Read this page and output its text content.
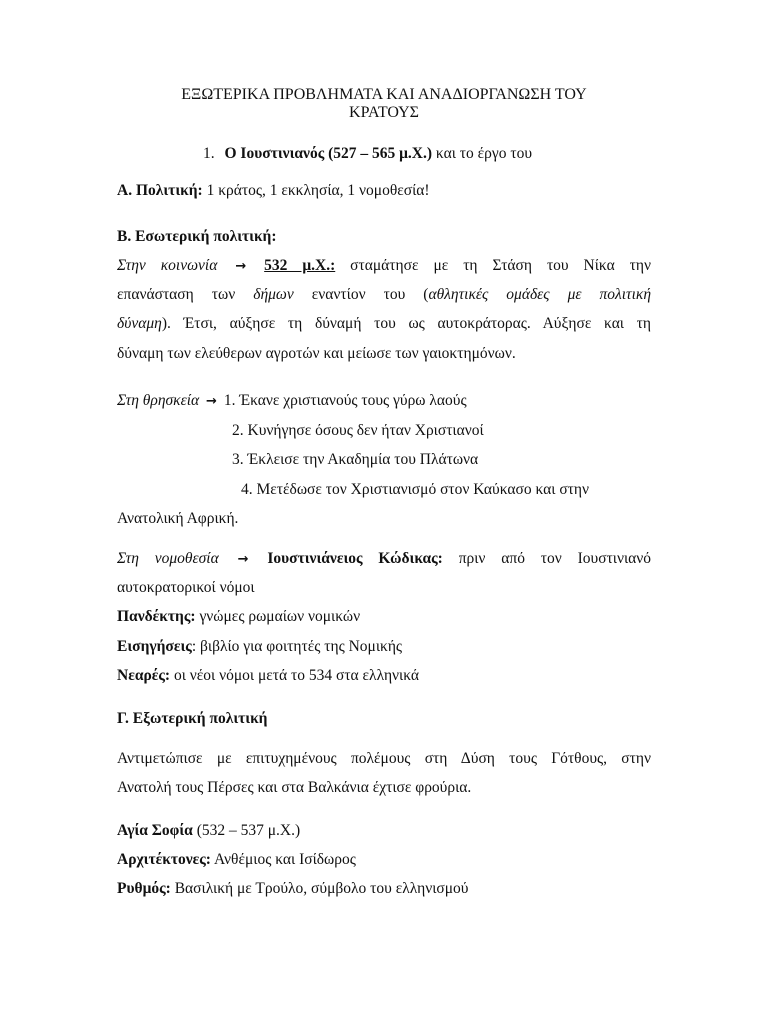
ΕΞΩΤΕΡΙΚΑ ΠΡΟΒΛΗΜΑΤΑ ΚΑΙ ΑΝΑΔΙΟΡΓΑΝΩΣΗ ΤΟΥ
ΚΡΑΤΟΥΣ
1. Ο Ιουστινιανός (527 – 565 μ.Χ.) και το έργο του
Α. Πολιτική: 1 κράτος, 1 εκκλησία, 1 νομοθεσία!
Β. Εσωτερική πολιτική:
Στην κοινωνία → 532 μ.Χ.: σταμάτησε με τη Στάση του Νίκα την
επανάσταση των δήμων εναντίον του (αθλητικές ομάδες με πολιτική
δύναμη). Έτσι, αύξησε τη δύναμή του ως αυτοκράτορας. Αύξησε και τη
δύναμη των ελεύθερων αγροτών και μείωσε των γαιοκτημόνων.
Στη θρησκεία → 1. Έκανε χριστιανούς τους γύρω λαούς
2. Κυνήγησε όσους δεν ήταν Χριστιανοί
3. Έκλεισε την Ακαδημία του Πλάτωνα
4. Μετέδωσε τον Χριστιανισμό στον Καύκασο και στην
Ανατολική Αφρική.
Στη νομοθεσία → Ιουστινιάνειος Κώδικας: πριν από τον Ιουστινιανό
αυτοκρατορικοί νόμοι
Πανδέκτης: γνώμες ρωμαίων νομικών
Εισηγήσεις: βιβλίο για φοιτητές της Νομικής
Νεαρές: οι νέοι νόμοι μετά το 534 στα ελληνικά
Γ. Εξωτερική πολιτική
Αντιμετώπισε με επιτυχημένους πολέμους στη Δύση τους Γότθους, στην
Ανατολή τους Πέρσες και στα Βαλκάνια έχτισε φρούρια.
Αγία Σοφία (532 – 537 μ.Χ.)
Αρχιτέκτονες: Ανθέμιος και Ισίδωρος
Ρυθμός: Βασιλική με Τρούλο, σύμβολο του ελληνισμού
